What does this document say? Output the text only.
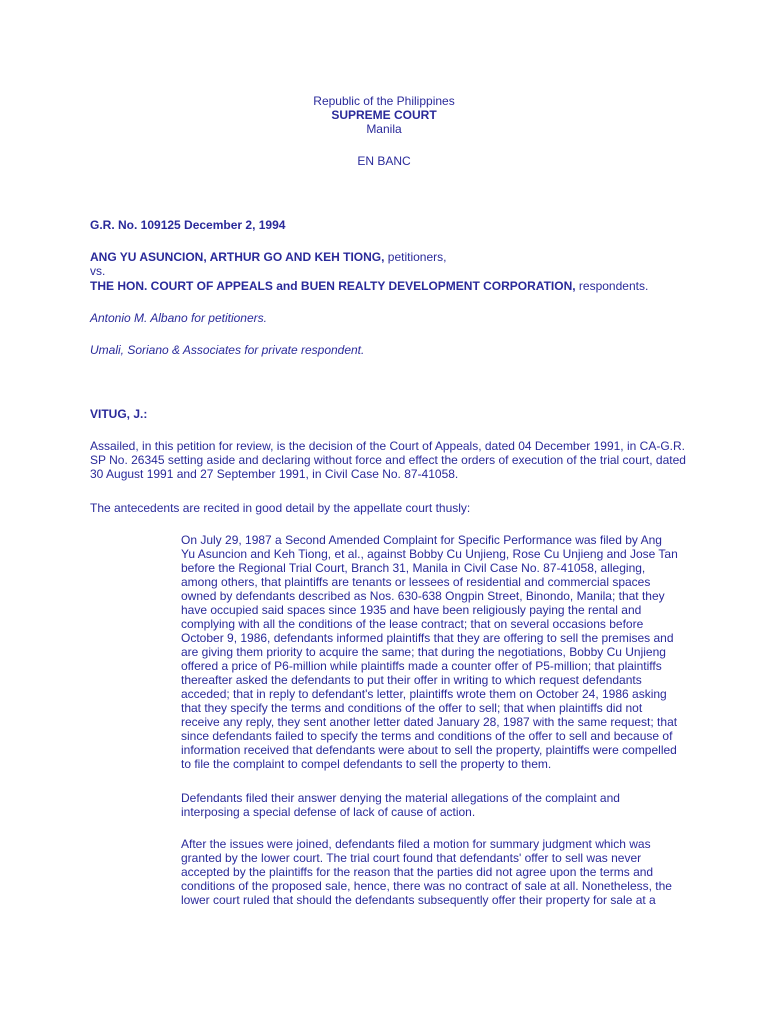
Republic of the Philippines
SUPREME COURT
Manila
EN BANC
G.R. No. 109125 December 2, 1994
ANG YU ASUNCION, ARTHUR GO AND KEH TIONG, petitioners,
vs.
THE HON. COURT OF APPEALS and BUEN REALTY DEVELOPMENT CORPORATION, respondents.
Antonio M. Albano for petitioners.
Umali, Soriano & Associates for private respondent.
VITUG, J.:

Assailed, in this petition for review, is the decision of the Court of Appeals, dated 04 December 1991, in CA-G.R. SP No. 26345 setting aside and declaring without force and effect the orders of execution of the trial court, dated 30 August 1991 and 27 September 1991, in Civil Case No. 87-41058.

The antecedents are recited in good detail by the appellate court thusly:

On July 29, 1987 a Second Amended Complaint for Specific Performance was filed by Ang Yu Asuncion and Keh Tiong, et al., against Bobby Cu Unjieng, Rose Cu Unjieng and Jose Tan before the Regional Trial Court, Branch 31, Manila in Civil Case No. 87-41058, alleging, among others, that plaintiffs are tenants or lessees of residential and commercial spaces owned by defendants described as Nos. 630-638 Ongpin Street, Binondo, Manila; that they have occupied said spaces since 1935 and have been religiously paying the rental and complying with all the conditions of the lease contract; that on several occasions before October 9, 1986, defendants informed plaintiffs that they are offering to sell the premises and are giving them priority to acquire the same; that during the negotiations, Bobby Cu Unjieng offered a price of P6-million while plaintiffs made a counter offer of P5-million; that plaintiffs thereafter asked the defendants to put their offer in writing to which request defendants acceded; that in reply to defendant's letter, plaintiffs wrote them on October 24, 1986 asking that they specify the terms and conditions of the offer to sell; that when plaintiffs did not receive any reply, they sent another letter dated January 28, 1987 with the same request; that since defendants failed to specify the terms and conditions of the offer to sell and because of information received that defendants were about to sell the property, plaintiffs were compelled to file the complaint to compel defendants to sell the property to them.

Defendants filed their answer denying the material allegations of the complaint and interposing a special defense of lack of cause of action.

After the issues were joined, defendants filed a motion for summary judgment which was granted by the lower court. The trial court found that defendants' offer to sell was never accepted by the plaintiffs for the reason that the parties did not agree upon the terms and conditions of the proposed sale, hence, there was no contract of sale at all. Nonetheless, the lower court ruled that should the defendants subsequently offer their property for sale at a
